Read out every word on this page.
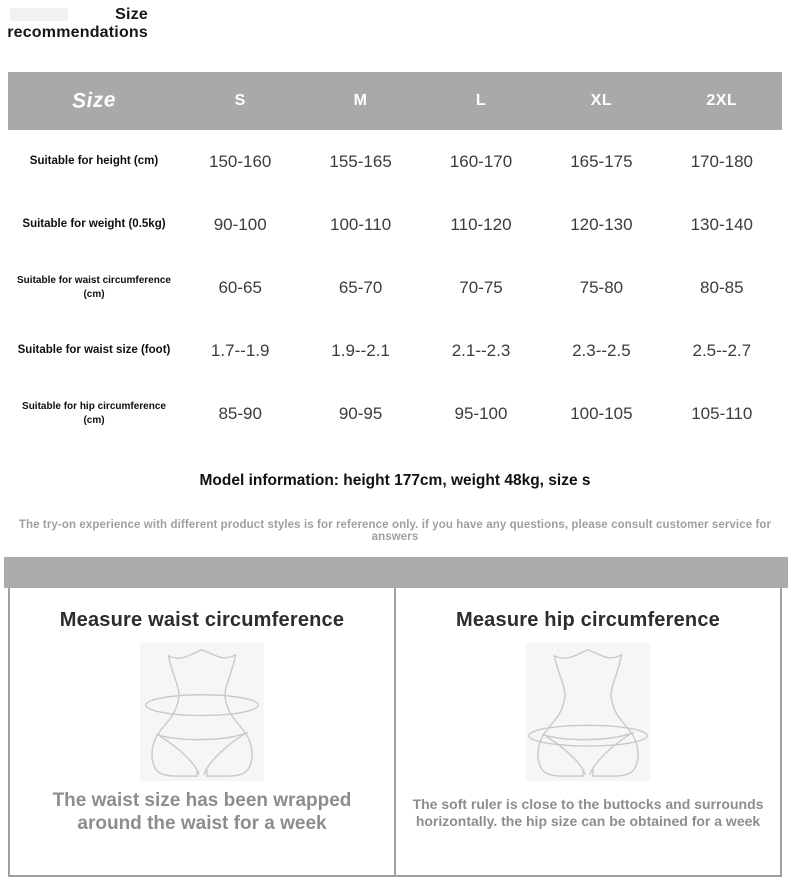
Size
recommendations
Size	S	M	L	XL	2XL
Suitable for height (cm)	150-160	155-165	160-170	165-175	170-180
Suitable for weight (0.5kg)	90-100	100-110	110-120	120-130	130-140
Suitable for waist circumference
(cm)	60-65	65-70	70-75	75-80	80-85
Suitable for waist size (foot)	1.7--1.9	1.9--2.1	2.1--2.3	2.3--2.5	2.5--2.7
Suitable for hip circumference
(cm)	85-90	90-95	95-100	100-105	105-110
Model information: height 177cm, weight 48kg, size s
The try-on experience with different product styles is for reference only. if you have any questions, please consult customer service for answers
Measure waist circumference
The waist size has been wrapped around the waist for a week
Measure hip circumference
The soft ruler is close to the buttocks and surrounds horizontally. the hip size can be obtained for a week
